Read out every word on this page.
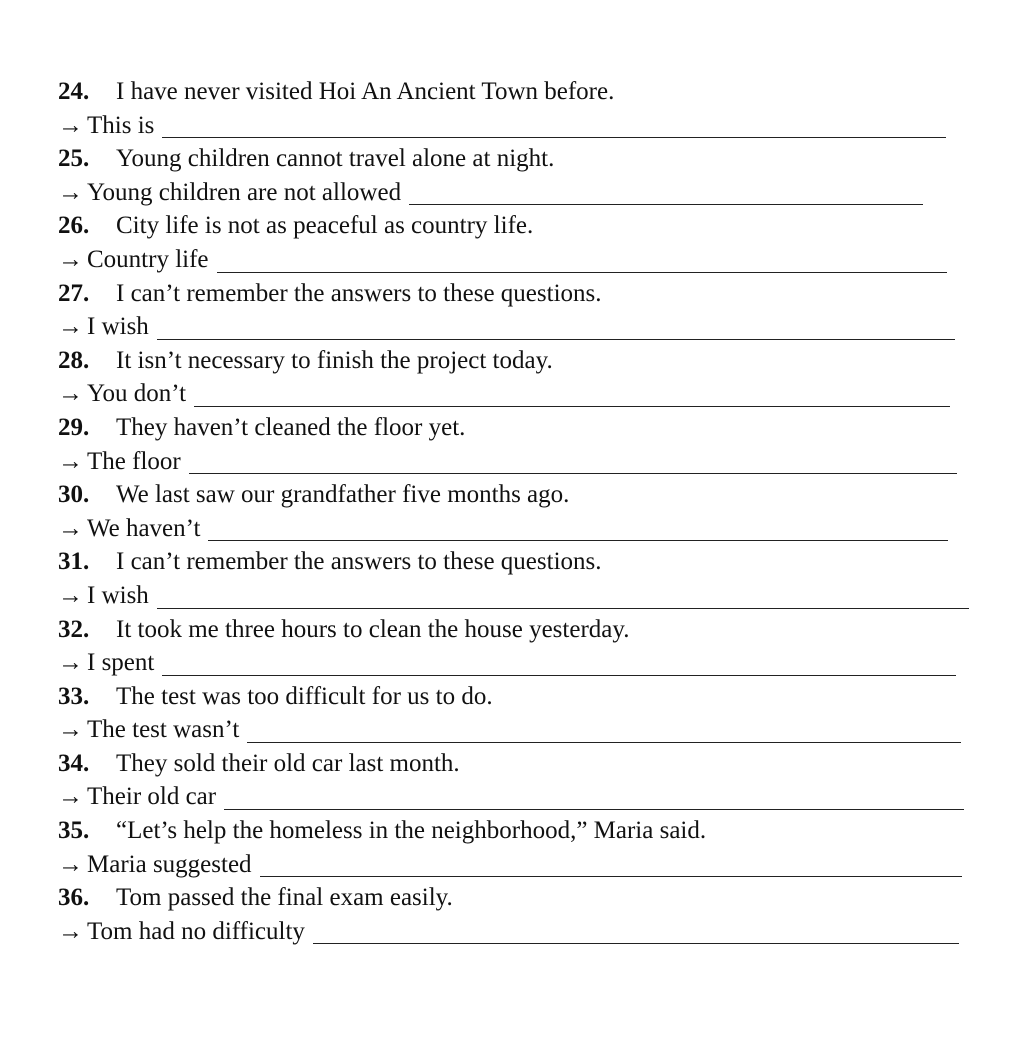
24.	I have never visited Hoi An Ancient Town before.
→ This is
25.	Young children cannot travel alone at night.
→ Young children are not allowed
26.	City life is not as peaceful as country life.
→ Country life
27.	I can’t remember the answers to these questions.
→ I wish
28.	It isn’t necessary to finish the project today.
→ You don’t
29.	They haven’t cleaned the floor yet.
→ The floor
30.	We last saw our grandfather five months ago.
→ We haven’t
31.	I can’t remember the answers to these questions.
→ I wish
32.	It took me three hours to clean the house yesterday.
→ I spent
33.	The test was too difficult for us to do.
→ The test wasn’t
34.	They sold their old car last month.
→ Their old car
35.	“Let’s help the homeless in the neighborhood,” Maria said.
→ Maria suggested
36.	Tom passed the final exam easily.
→ Tom had no difficulty
